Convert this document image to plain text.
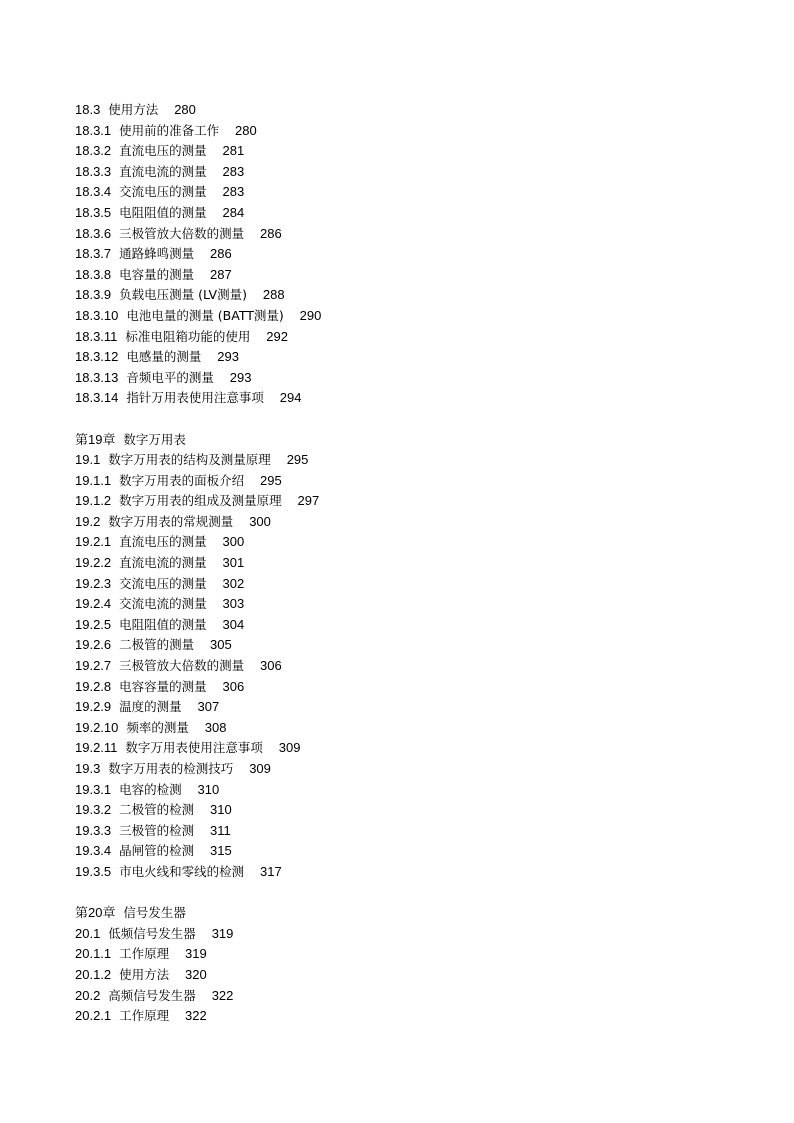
18.3 使用方法 280
18.3.1 使用前的准备工作 280
18.3.2 直流电压的测量 281
18.3.3 直流电流的测量 283
18.3.4 交流电压的测量 283
18.3.5 电阻阻值的测量 284
18.3.6 三极管放大倍数的测量 286
18.3.7 通路蜂鸣测量 286
18.3.8 电容量的测量 287
18.3.9 负载电压测量 (LV测量) 288
18.3.10 电池电量的测量 (BATT测量) 290
18.3.11 标准电阻箱功能的使用 292
18.3.12 电感量的测量 293
18.3.13 音频电平的测量 293
18.3.14 指针万用表使用注意事项 294
第19章 数字万用表
19.1 数字万用表的结构及测量原理 295
19.1.1 数字万用表的面板介绍 295
19.1.2 数字万用表的组成及测量原理 297
19.2 数字万用表的常规测量 300
19.2.1 直流电压的测量 300
19.2.2 直流电流的测量 301
19.2.3 交流电压的测量 302
19.2.4 交流电流的测量 303
19.2.5 电阻阻值的测量 304
19.2.6 二极管的测量 305
19.2.7 三极管放大倍数的测量 306
19.2.8 电容容量的测量 306
19.2.9 温度的测量 307
19.2.10 频率的测量 308
19.2.11 数字万用表使用注意事项 309
19.3 数字万用表的检测技巧 309
19.3.1 电容的检测 310
19.3.2 二极管的检测 310
19.3.3 三极管的检测 311
19.3.4 晶闸管的检测 315
19.3.5 市电火线和零线的检测 317
第20章 信号发生器
20.1 低频信号发生器 319
20.1.1 工作原理 319
20.1.2 使用方法 320
20.2 高频信号发生器 322
20.2.1 工作原理 322
